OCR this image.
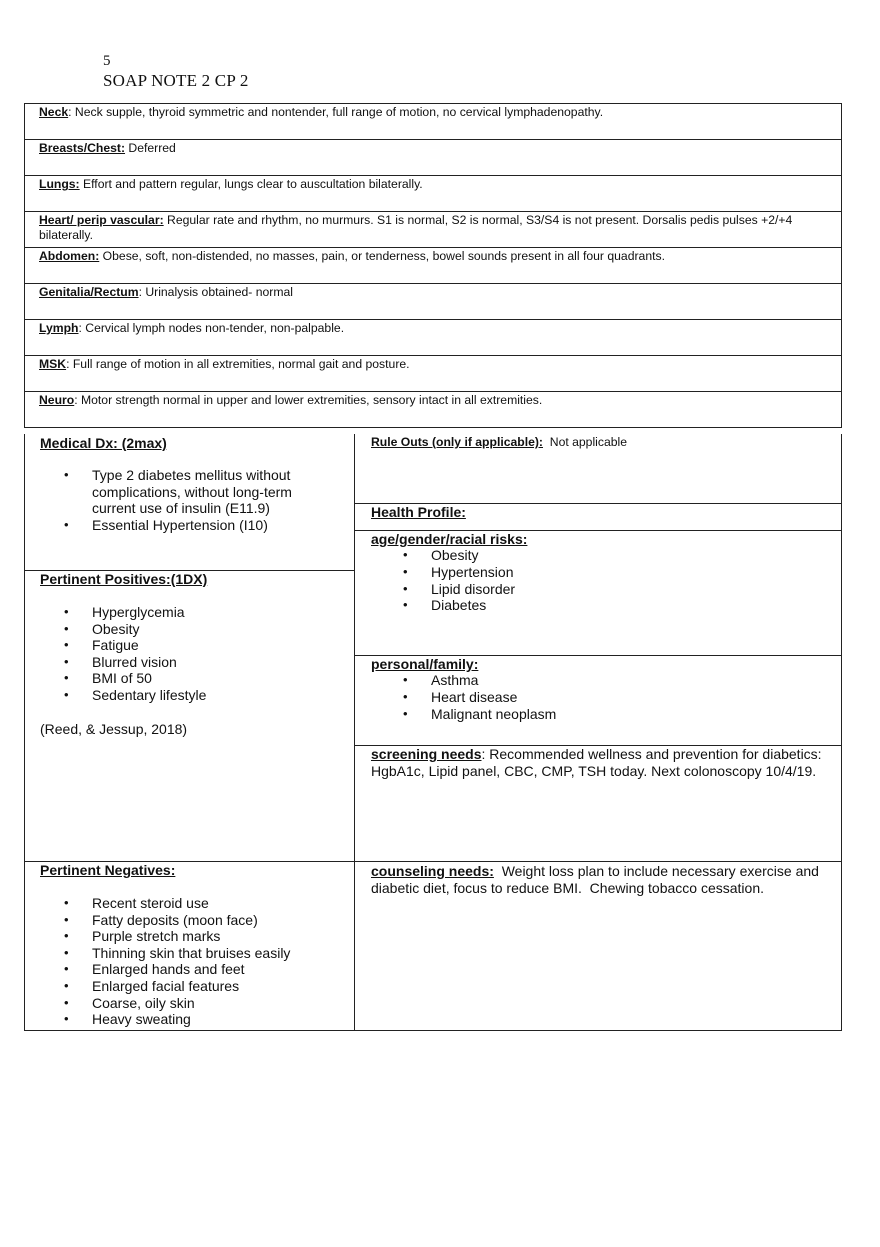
5
SOAP NOTE 2 CP 2
Neck: Neck supple, thyroid symmetric and nontender, full range of motion, no cervical lymphadenopathy.
Breasts/Chest: Deferred
Lungs: Effort and pattern regular, lungs clear to auscultation bilaterally.
Heart/ perip vascular: Regular rate and rhythm, no murmurs. S1 is normal, S2 is normal, S3/S4 is not present. Dorsalis pedis pulses +2/+4 bilaterally.
Abdomen: Obese, soft, non-distended, no masses, pain, or tenderness, bowel sounds present in all four quadrants.
Genitalia/Rectum: Urinalysis obtained- normal
Lymph: Cervical lymph nodes non-tender, non-palpable.
MSK: Full range of motion in all extremities, normal gait and posture.
Neuro: Motor strength normal in upper and lower extremities, sensory intact in all extremities.
Medical Dx: (2max)
• Type 2 diabetes mellitus without complications, without long-term current use of insulin (E11.9)
• Essential Hypertension (I10)
Pertinent Positives:(1DX)
• Hyperglycemia
• Obesity
• Fatigue
• Blurred vision
• BMI of 50
• Sedentary lifestyle
(Reed, & Jessup, 2018)
Pertinent Negatives:
• Recent steroid use
• Fatty deposits (moon face)
• Purple stretch marks
• Thinning skin that bruises easily
• Enlarged hands and feet
• Enlarged facial features
• Coarse, oily skin
• Heavy sweating
Rule Outs (only if applicable):  Not applicable
Health Profile:
age/gender/racial risks:
• Obesity
• Hypertension
• Lipid disorder
• Diabetes
personal/family:
• Asthma
• Heart disease
• Malignant neoplasm
screening needs: Recommended wellness and prevention for diabetics: HgbA1c, Lipid panel, CBC, CMP, TSH today. Next colonoscopy 10/4/19.
counseling needs:  Weight loss plan to include necessary exercise and diabetic diet, focus to reduce BMI.  Chewing tobacco cessation.
